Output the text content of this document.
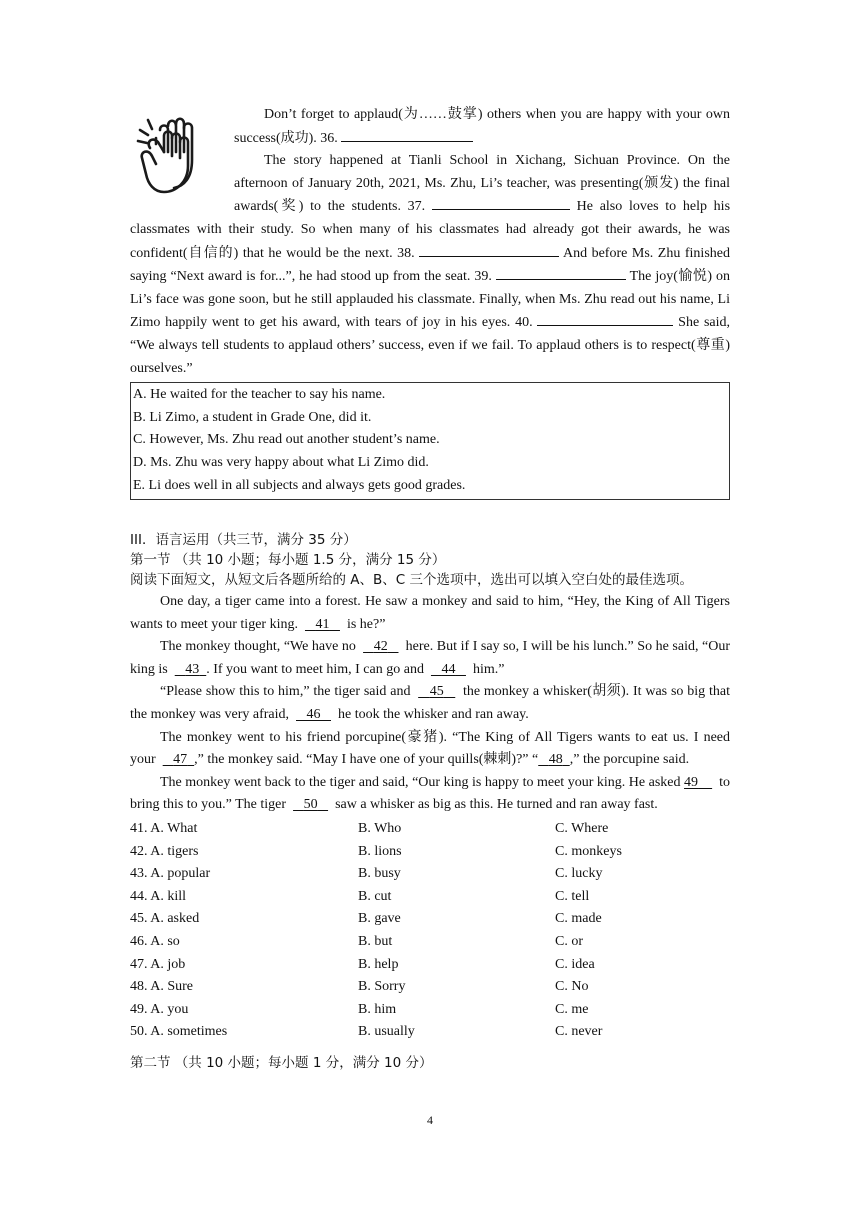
Don’t forget to applaud(为……鼓掌) others when you are happy with your own success(成功). 36.

The story happened at Tianli School in Xichang, Sichuan Province. On the afternoon of January 20th, 2021, Ms. Zhu, Li’s teacher, was presenting(颁发) the final awards(奖) to the students. 37.	He also loves to help his classmates with their study. So when many of his classmates had already got their awards, he was confident(自信的) that he would be the next. 38.	And before Ms. Zhu finished saying “Next award is for...”, he had stood up from the seat. 39.	The joy(愉悦) on Li’s face was gone soon, but he still applauded his classmate. Finally, when Ms. Zhu read out his name, Li Zimo happily went to get his award, with tears of joy in his eyes. 40.	She said, “We always tell students to applaud others’ success, even if we fail. To applaud others is to respect(尊重) ourselves.”

A. He waited for the teacher to say his name.
B. Li Zimo, a student in Grade One, did it.
C. However, Ms. Zhu read out another student’s name.
D. Ms. Zhu was very happy about what Li Zimo did.
E. Li does well in all subjects and always gets good grades.

III．语言运用（共三节，满分 35 分）

第一节 （共 10 小题；每小题 1.5 分，满分 15 分）

阅读下面短文，从短文后各题所给的 A、B、C 三个选项中，选出可以填入空白处的最佳选项。

One day, a tiger came into a forest. He saw a monkey and said to him, “Hey, the King of All Tigers wants to meet your tiger king. 41 is he?”

The monkey thought, “We have no 42 here. But if I say so, I will be his lunch.” So he said, “Our king is 43 . If you want to meet him, I can go and 44 him.”

“Please show this to him,” the tiger said and 45 the monkey a whisker(胡须). It was so big that the monkey was very afraid, 46 he took the whisker and ran away.

The monkey went to his friend porcupine(豪猪). “The King of All Tigers wants to eat us. I need your 47 ,” the monkey said. “May I have one of your quills(棘刺)?” “ 48 ,” the porcupine said.

The monkey went back to the tiger and said, “Our king is happy to meet your king. He asked 49 to bring this to you.” The tiger 50 saw a whisker as big as this. He turned and ran away fast.

41. A. What	B. Who	C. Where
42. A. tigers	B. lions	C. monkeys
43. A. popular	B. busy	C. lucky
44. A. kill	B. cut	C. tell
45. A. asked	B. gave	C. made
46. A. so	B. but	C. or
47. A. job	B. help	C. idea
48. A. Sure	B. Sorry	C. No
49. A. you	B. him	C. me
50. A. sometimes	B. usually	C. never

第二节 （共 10 小题；每小题 1 分，满分 10 分）

4
